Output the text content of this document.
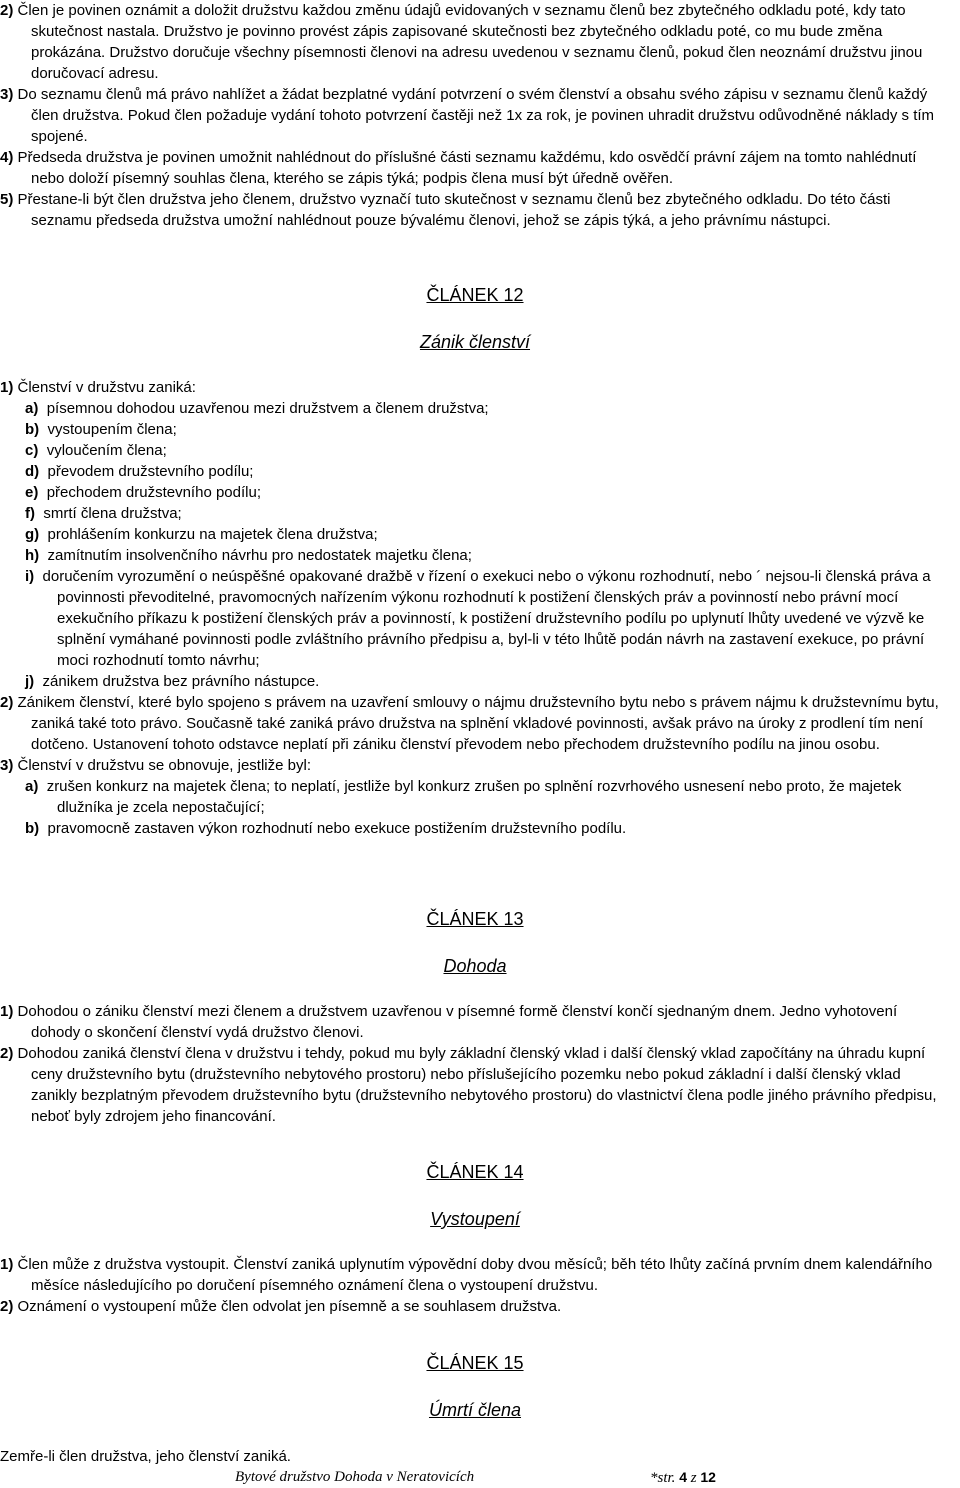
2) Člen je povinen oznámit a doložit družstvu každou změnu údajů evidovaných v seznamu členů bez zbytečného odkladu poté, kdy tato skutečnost nastala. Družstvo je povinno provést zápis zapisované skutečnosti bez zbytečného odkladu poté, co mu bude změna prokázána. Družstvo doručuje všechny písemnosti členovi na adresu uvedenou v seznamu členů, pokud člen neoznámí družstvu jinou doručovací adresu.

3) Do seznamu členů má právo nahlížet a žádat bezplatné vydání potvrzení o svém členství a obsahu svého zápisu v seznamu členů každý člen družstva. Pokud člen požaduje vydání tohoto potvrzení častěji než 1x za rok, je povinen uhradit družstvu odůvodněné náklady s tím spojené.

4) Předseda družstva je povinen umožnit nahlédnout do příslušné části seznamu každému, kdo osvědčí právní zájem na tomto nahlédnutí nebo doloží písemný souhlas člena, kterého se zápis týká; podpis člena musí být úředně ověřen.

5) Přestane-li být člen družstva jeho členem, družstvo vyznačí tuto skutečnost v seznamu členů bez zbytečného odkladu. Do této části seznamu předseda družstva umožní nahlédnout pouze bývalému členovi, jehož se zápis týká, a jeho právnímu nástupci.

ČLÁNEK 12

Zánik členství

1) Členství v družstvu zaniká:

a) písemnou dohodou uzavřenou mezi družstvem a členem družstva;
b) vystoupením člena;
c) vyloučením člena;
d) převodem družstevního podílu;
e) přechodem družstevního podílu;
f) smrtí člena družstva;
g) prohlášením konkurzu na majetek člena družstva;
h) zamítnutím insolvenčního návrhu pro nedostatek majetku člena;
i) doručením vyrozumění o neúspěšné opakované dražbě v řízení o exekuci nebo o výkonu rozhodnutí, nebo ´ nejsou-li členská práva a povinnosti převoditelné, pravomocných nařízením výkonu rozhodnutí k postižení členských práv a povinností nebo právní mocí exekučního příkazu k postižení členských práv a povinností, k postižení družstevního podílu po uplynutí lhůty uvedené ve výzvě ke splnění vymáhané povinnosti podle zvláštního právního předpisu a, byl-li v této lhůtě podán návrh na zastavení exekuce, po právní moci rozhodnutí tomto návrhu;
j) zánikem družstva bez právního nástupce.

2) Zánikem členství, které bylo spojeno s právem na uzavření smlouvy o nájmu družstevního bytu nebo s právem nájmu k družstevnímu bytu, zaniká také toto právo. Současně také zaniká právo družstva na splnění vkladové povinnosti, avšak právo na úroky z prodlení tím není dotčeno. Ustanovení tohoto odstavce neplatí při zániku členství převodem nebo přechodem družstevního podílu na jinou osobu.

3) Členství v družstvu se obnovuje, jestliže byl:

a) zrušen konkurz na majetek člena; to neplatí, jestliže byl konkurz zrušen po splnění rozvrhového usnesení nebo proto, že majetek dlužníka je zcela nepostačující;
b) pravomocně zastaven výkon rozhodnutí nebo exekuce postižením družstevního podílu.

ČLÁNEK 13

Dohoda

1) Dohodou o zániku členství mezi členem a družstvem uzavřenou v písemné formě členství končí sjednaným dnem. Jedno vyhotovení dohody o skončení členství vydá družstvo členovi.

2) Dohodou zaniká členství člena v družstvu i tehdy, pokud mu byly základní členský vklad i další členský vklad započítány na úhradu kupní ceny družstevního bytu (družstevního nebytového prostoru) nebo příslušejícího pozemku nebo pokud základní i další členský vklad zanikly bezplatným převodem družstevního bytu (družstevního nebytového prostoru) do vlastnictví člena podle jiného právního předpisu, neboť byly zdrojem jeho financování.

ČLÁNEK 14

Vystoupení

1) Člen může z družstva vystoupit. Členství zaniká uplynutím výpovědní doby dvou měsíců; běh této lhůty začíná prvním dnem kalendářního měsíce následujícího po doručení písemného oznámení člena o vystoupení družstvu.

2) Oznámení o vystoupení může člen odvolat jen písemně a se souhlasem družstva.

ČLÁNEK 15

Úmrtí člena

Zemře-li člen družstva, jeho členství zaniká.

Bytové družstvo Dohoda v Neratovicích	*str. 4 z 12
